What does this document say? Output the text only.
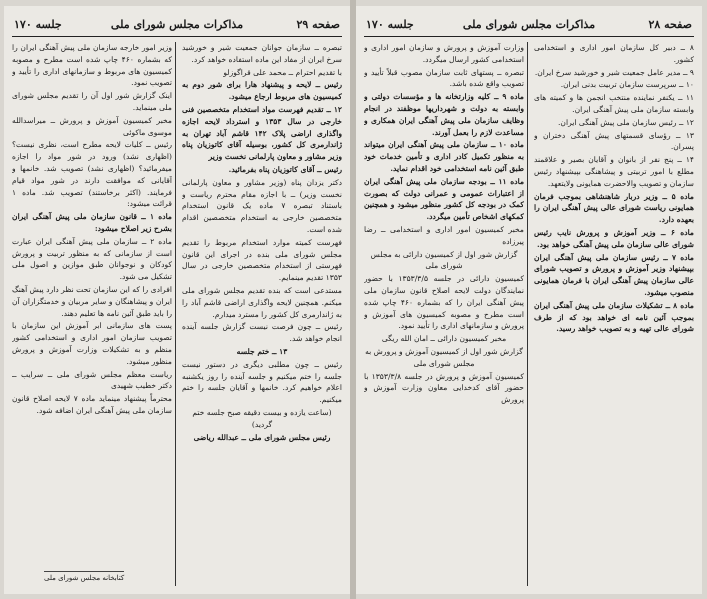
صفحه ۲۹
مذاکرات مجلس شورای ملی
جلسه ۱۷۰

تبصره ــ سازمان جوانان جمعیت شیر و خورشید سرخ ایران از مفاد این ماده استفاده خواهد کرد.

با تقدیم احترام ــ محمد علی قراگوزلو

رئیس ــ لایحه و پیشنهاد هارا برای شور دوم به کمیسیون های مربوط ارجاع میشود.

۱۲ ــ تقدیم فهرست مواد استخدام متخصصین فنی خارجی در سال ۱۳۵۳ و استرداد لایحه اجازه واگذاری اراضی پلاک ۱۴۲ قاشم آباد تهران به ژاندارمری کل کشور، بوسیله آقای کاتوزیان پناه وزیر مشاور و معاون پارلمانی نخست وزیر

رئیس ــ آقای کاتوزیان پناه بفرمائید.

دکتر یزدان پناه (وزیر مشاور و معاون پارلمانی نخست وزیر) ــ با اجازه مقام محترم ریاست و باستناد تبصره ۷ ماده یک قانون استخدام متخصصین خارجی به استخدام متخصصین اقدام شده است.

فهرست کمیته موارد استخدام مربوط را تقدیم مجلس شورای ملی بنده در اجرای این قانون فهرستی از استخدام متخصصین خارجی در سال ۱۳۵۳ تقدیم مینمایم.

مستدعی است که بنده تقدیم مجلس شورای ملی میکنم. همچنین لایحه واگذاری اراضی قاشم آباد را به ژاندارمری کل کشور را مسترد میدارم.

رئیس ــ چون فرصت نیست گزارش جلسه آینده انجام خواهد شد.

۱۳ ــ ختم جلسه

رئیس ــ چون مطلبی دیگری در دستور نیست جلسه را ختم میکنیم و جلسه آینده را روز یکشنبه اعلام خواهیم کرد. خانمها و آقایان جلسه را ختم میکنیم.

(ساعت یازده و بیست دقیقه صبح جلسه ختم گردید)

رئیس مجلس شورای ملی ــ عبدالله ریاضی

وزیر امور خارجه سازمان ملی پیش آهنگی ایران را که بشماره ۴۶۰ چاپ شده است مطرح و مصوبه کمیسیون های مربوط و سازمانهای اداری را تأیید و تصویب نمود.

اینک گزارش شور اول آن را تقدیم مجلس شورای ملی مینماید.

مخبر کمیسیون آموزش و پرورش ــ میراسدالله موسوی ماکوئی

رئیس ــ کلیات لایحه مطرح است، نظری نیست؟ (اظهاری نشد) ورود در شور مواد را اجازه میفرمائید؟ (اظهاری نشد) تصویب شد. خانمها و آقایانی که موافقت دارند در شور مواد قیام فرمایند. (اکثر برخاستند) تصویب شد. ماده ۱ قرائت میشود:

ماده ۱ ــ قانون سازمان ملی پیش آهنگی ایران بشرح زیر اصلاح میشود:

ماده ۲ ــ سازمان ملی پیش آهنگی ایران عبارت است از سازمانی که به منظور تربیت و پرورش کودکان و نوجوانان طبق موازین و اصول ملی تشکیل می شود.

افرادی را که این سازمان تحت نظر دارد پیش آهنگ ایران و پیشاهنگان و سایر مربیان و خدمتگزاران آن را باید طبق آئین نامه ها تعلیم دهند.

پست های سازمانی ابر آموزش این سازمان با تصویب سازمان امور اداری و استخدامی کشور منظم و به تشکیلات وزارت آموزش و پرورش منظور میشود.

ریاست معظم مجلس شورای ملی ــ سرایب ــ دکتر خطیب شهیدی

محترماً پیشنهاد مینماید ماده ۷ لایحه اصلاح قانون سازمان ملی پیش آهنگی ایران اضافه شود.

کتابخانه مجلس شورای ملی
صفحه ۲۸
مذاکرات مجلس شورای ملی
جلسه ۱۷۰

۸ ــ دبیر کل سازمان امور اداری و استخدامی کشور.

۹ ــ مدیر عامل جمعیت شیر و خورشید سرخ ایران.

۱۰ ــ سرپرست سازمان تربیت بدنی ایران.

۱۱ ــ یکنفر نماینده منتخب انجمن ها و کمیته های وابسته سازمان ملی پیش آهنگی ایران.

۱۲ ــ رئیس سازمان ملی پیش آهنگی ایران.

۱۳ ــ رؤسای قسمتهای پیش آهنگی دختران و پسران.

۱۴ ــ پنج نفر از بانوان و آقایان بصیر و علاقمند مطلع با امور تربیتی و پیشاهنگی بپیشنهاد رئیس سازمان و تصویب والاحضرت همایونی ولایتعهد.

ماده ۵ ــ وزیر دربار شاهنشاهی بموجب فرمان همایونی ریاست شورای عالی پیش آهنگی ایران را بعهده دارد.

ماده ۶ ــ وزیر آموزش و پرورش نایب رئیس شورای عالی سازمان ملی پیش آهنگی خواهد بود.

ماده ۷ ــ رئیس سازمان ملی پیش آهنگی ایران بپیشنهاد وزیر آموزش و پرورش و تصویب شورای عالی سازمان پیش آهنگی ایران با فرمان همایونی منصوب میشود.

ماده ۸ ــ تشکیلات سازمان ملی پیش آهنگی ایران بموجب آئین نامه ای خواهد بود که از طرف شورای عالی تهیه و به تصویب خواهد رسید.

وزارت آموزش و پرورش و سازمان امور اداری و استخدامی کشور ارسال میگردد.

تبصره ــ پستهای ثابت سازمان مصوب قبلاً تأیید و تصویب واقع شده باشد.

ماده ۹ ــ کلیه وزارتخانه ها و مؤسسات دولتی و وابسته به دولت و شهرداریها موظفند در انجام وظایف سازمان ملی پیش آهنگی ایران همکاری و مساعدت لازم را بعمل آورند.

ماده ۱۰ ــ سازمان ملی پیش آهنگی ایران میتواند به منظور تکمیل کادر اداری و تأمین خدمات خود طبق آئین نامه استخدامی خود اقدام نماید.

ماده ۱۱ ــ بودجه سازمان ملی پیش آهنگی ایران از اعتبارات عمومی و عمرانی دولت که بصورت کمک در بودجه کل کشور منظور میشود و همچنین کمکهای اشخاص تأمین میگردد.

مخبر کمیسیون امور اداری و استخدامی ــ رضا پیرزاده

گزارش شور اول از کمیسیون دارائی به مجلس شورای ملی

کمیسیون دارائی در جلسه ۱۳۵۳/۳/۵ با حضور نمایندگان دولت لایحه اصلاح قانون سازمان ملی پیش آهنگی ایران را که بشماره ۴۶۰ چاپ شده است مطرح و مصوبه کمیسیون های آموزش و پرورش و سازمانهای اداری را تأیید نمود.

مخبر کمیسیون دارائی ــ امان الله ریگی

گزارش شور اول از کمیسیون آموزش و پرورش به مجلس شورای ملی

کمیسیون آموزش و پرورش در جلسه ۱۳۵۳/۳/۸ با حضور آقای کدخدایی معاون وزارت آموزش و پرورش
